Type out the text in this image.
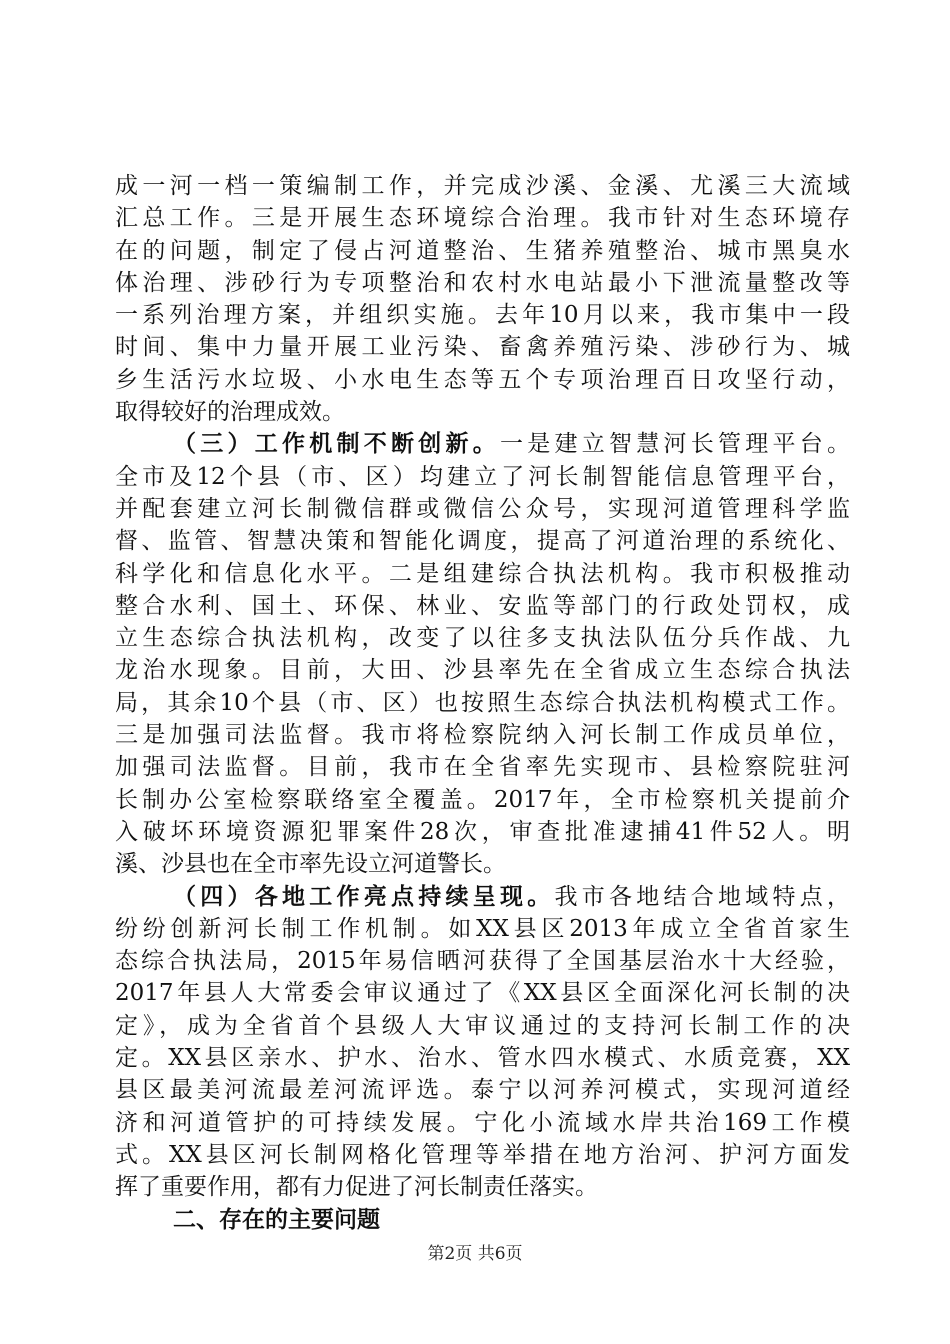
成一河一档一策编制工作，并完成沙溪、金溪、尤溪三大流域
汇总工作。三是开展生态环境综合治理。我市针对生态环境存
在的问题，制定了侵占河道整治、生猪养殖整治、城市黑臭水
体治理、涉砂行为专项整治和农村水电站最小下泄流量整改等
一系列治理方案，并组织实施。去年10月以来，我市集中一段
时间、集中力量开展工业污染、畜禽养殖污染、涉砂行为、城
乡生活污水垃圾、小水电生态等五个专项治理百日攻坚行动，
取得较好的治理成效。
（三）工作机制不断创新。一是建立智慧河长管理平台。
全市及12个县（市、区）均建立了河长制智能信息管理平台，
并配套建立河长制微信群或微信公众号，实现河道管理科学监
督、监管、智慧决策和智能化调度，提高了河道治理的系统化、
科学化和信息化水平。二是组建综合执法机构。我市积极推动
整合水利、国土、环保、林业、安监等部门的行政处罚权，成
立生态综合执法机构，改变了以往多支执法队伍分兵作战、九
龙治水现象。目前，大田、沙县率先在全省成立生态综合执法
局，其余10个县（市、区）也按照生态综合执法机构模式工作。
三是加强司法监督。我市将检察院纳入河长制工作成员单位，
加强司法监督。目前，我市在全省率先实现市、县检察院驻河
长制办公室检察联络室全覆盖。2017年，全市检察机关提前介
入破坏环境资源犯罪案件28次，审查批准逮捕41件52人。明
溪、沙县也在全市率先设立河道警长。
（四）各地工作亮点持续呈现。我市各地结合地域特点，
纷纷创新河长制工作机制。如XX县区2013年成立全省首家生
态综合执法局，2015年易信晒河获得了全国基层治水十大经验，
2017年县人大常委会审议通过了《XX县区全面深化河长制的决
定》，成为全省首个县级人大审议通过的支持河长制工作的决
定。XX县区亲水、护水、治水、管水四水模式、水质竞赛，XX
县区最美河流最差河流评选。泰宁以河养河模式，实现河道经
济和河道管护的可持续发展。宁化小流域水岸共治169工作模
式。XX县区河长制网格化管理等举措在地方治河、护河方面发
挥了重要作用，都有力促进了河长制责任落实。
二、存在的主要问题
第2页 共6页
